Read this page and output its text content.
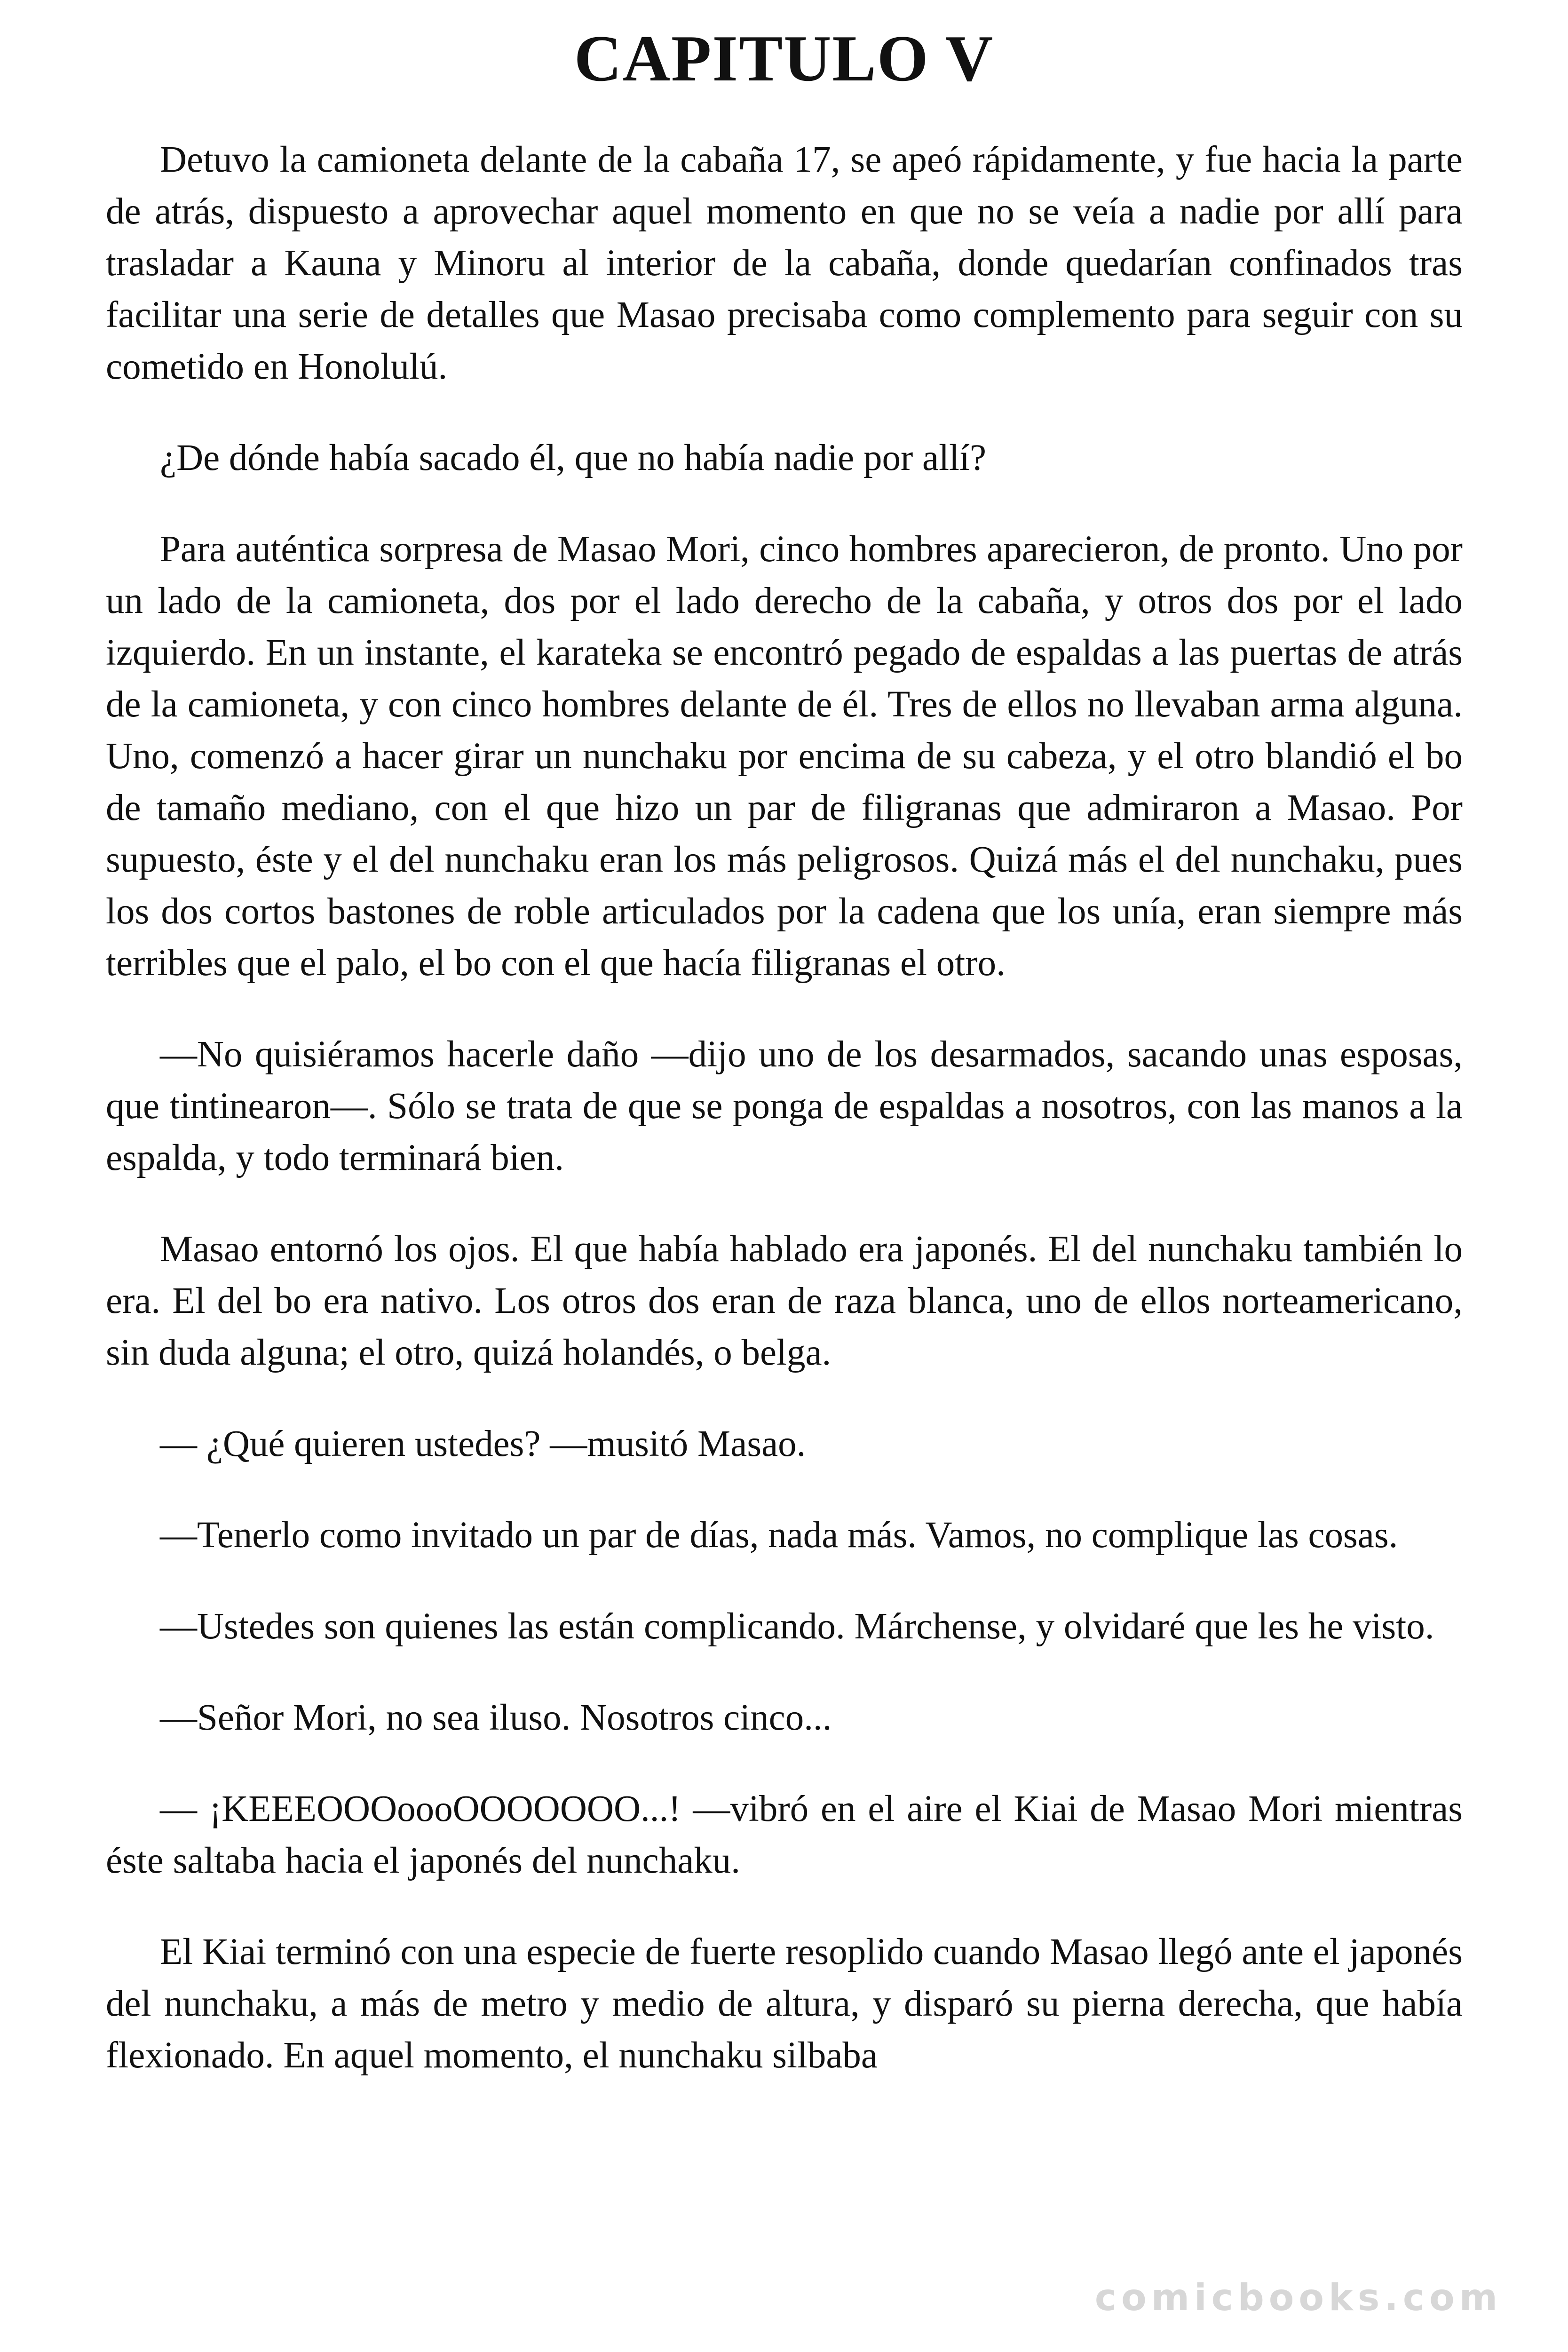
CAPITULO V

Detuvo la camioneta delante de la cabaña 17, se apeó rápidamente, y fue hacia la parte de atrás, dispuesto a aprovechar aquel momento en que no se veía a nadie por allí para trasladar a Kauna y Minoru al interior de la cabaña, donde quedarían confinados tras facilitar una serie de detalles que Masao precisaba como complemento para seguir con su cometido en Honolulú.

¿De dónde había sacado él, que no había nadie por allí?

Para auténtica sorpresa de Masao Mori, cinco hombres aparecieron, de pronto. Uno por un lado de la camioneta, dos por el lado derecho de la cabaña, y otros dos por el lado izquierdo. En un instante, el karateka se encontró pegado de espaldas a las puertas de atrás de la camioneta, y con cinco hombres delante de él. Tres de ellos no llevaban arma alguna. Uno, comenzó a hacer girar un nunchaku por encima de su cabeza, y el otro blandió el bo de tamaño mediano, con el que hizo un par de filigranas que admiraron a Masao. Por supuesto, éste y el del nunchaku eran los más peligrosos. Quizá más el del nunchaku, pues los dos cortos bastones de roble articulados por la cadena que los unía, eran siempre más terribles que el palo, el bo con el que hacía filigranas el otro.

—No quisiéramos hacerle daño —dijo uno de los desarmados, sacando unas esposas, que tintinearon—. Sólo se trata de que se ponga de espaldas a nosotros, con las manos a la espalda, y todo terminará bien.

Masao entornó los ojos. El que había hablado era japonés. El del nunchaku también lo era. El del bo era nativo. Los otros dos eran de raza blanca, uno de ellos norteamericano, sin duda alguna; el otro, quizá holandés, o belga.

— ¿Qué quieren ustedes? —musitó Masao.

—Tenerlo como invitado un par de días, nada más. Vamos, no complique las cosas.

—Ustedes son quienes las están complicando. Márchense, y olvidaré que les he visto.

—Señor Mori, no sea iluso. Nosotros cinco...

— ¡KEEEOOOoooOOOOOOO...! —vibró en el aire el Kiai de Masao Mori mientras éste saltaba hacia el japonés del nunchaku.

El Kiai terminó con una especie de fuerte resoplido cuando Masao llegó ante el japonés del nunchaku, a más de metro y medio de altura, y disparó su pierna derecha, que había flexionado. En aquel momento, el nunchaku silbaba

comicbooks.com
